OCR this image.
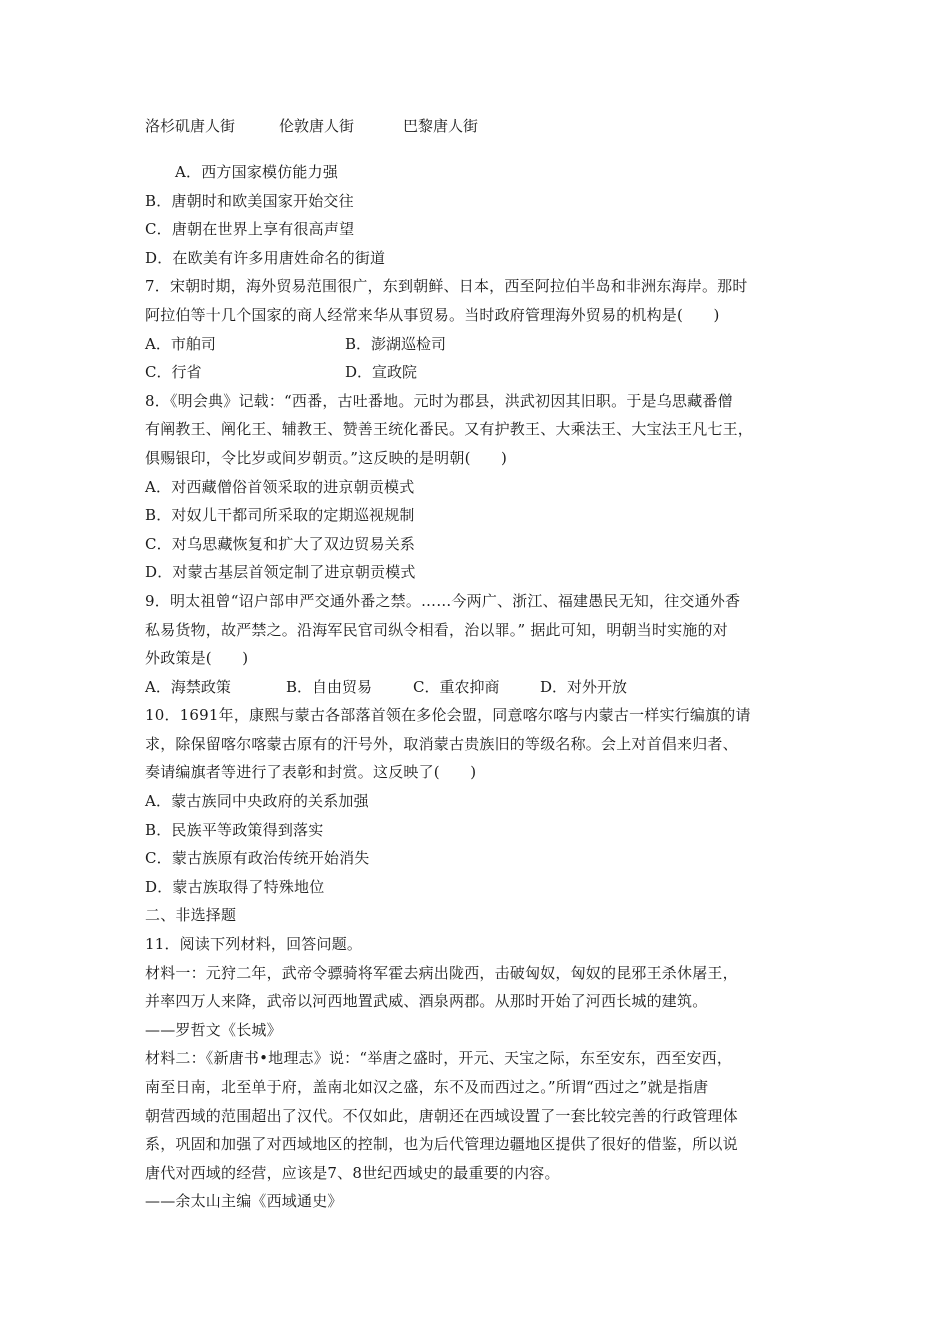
洛杉矶唐人街	伦敦唐人街	巴黎唐人街
A．西方国家模仿能力强
B．唐朝时和欧美国家开始交往
C．唐朝在世界上享有很高声望
D．在欧美有许多用唐姓命名的街道
7．宋朝时期，海外贸易范围很广，东到朝鲜、日本，西至阿拉伯半岛和非洲东海岸。那时
阿拉伯等十几个国家的商人经常来华从事贸易。当时政府管理海外贸易的机构是(　　)
A．市舶司	B．澎湖巡检司
C．行省	D．宣政院
8．《明会典》记载：“西番，古吐番地。元时为郡县，洪武初因其旧职。于是乌思藏番僧
有阐教王、阐化王、辅教王、赞善王统化番民。又有护教王、大乘法王、大宝法王凡七王，
俱赐银印，令比岁或间岁朝贡。”这反映的是明朝(　　)
A．对西藏僧俗首领采取的进京朝贡模式
B．对奴儿干都司所采取的定期巡视规制
C．对乌思藏恢复和扩大了双边贸易关系
D．对蒙古基层首领定制了进京朝贡模式
9．明太祖曾“诏户部申严交通外番之禁。……今两广、浙江、福建愚民无知，往交通外香
私易货物，故严禁之。沿海军民官司纵令相看，治以罪。” 据此可知，明朝当时实施的对
外政策是(　　)
A．海禁政策	B．自由贸易	C．重农抑商	D．对外开放
10．1691年，康熙与蒙古各部落首领在多伦会盟，同意喀尔喀与内蒙古一样实行编旗的请
求，除保留喀尔喀蒙古原有的汗号外，取消蒙古贵族旧的等级名称。会上对首倡来归者、
奏请编旗者等进行了表彰和封赏。这反映了(　　)
A．蒙古族同中央政府的关系加强
B．民族平等政策得到落实
C．蒙古族原有政治传统开始消失
D．蒙古族取得了特殊地位
二、非选择题
11．阅读下列材料，回答问题。
材料一：元狩二年，武帝令骠骑将军霍去病出陇西，击破匈奴，匈奴的昆邪王杀休屠王，
并率四万人来降，武帝以河西地置武威、酒泉两郡。从那时开始了河西长城的建筑。
——罗哲文《长城》
材料二：《新唐书•地理志》说：“举唐之盛时，开元、天宝之际，东至安东，西至安西，
南至日南，北至单于府，盖南北如汉之盛，东不及而西过之。”所谓“西过之”就是指唐
朝营西域的范围超出了汉代。不仅如此，唐朝还在西域设置了一套比较完善的行政管理体
系，巩固和加强了对西域地区的控制，也为后代管理边疆地区提供了很好的借鉴，所以说
唐代对西域的经营，应该是7、8世纪西域史的最重要的内容。
——余太山主编《西域通史》
